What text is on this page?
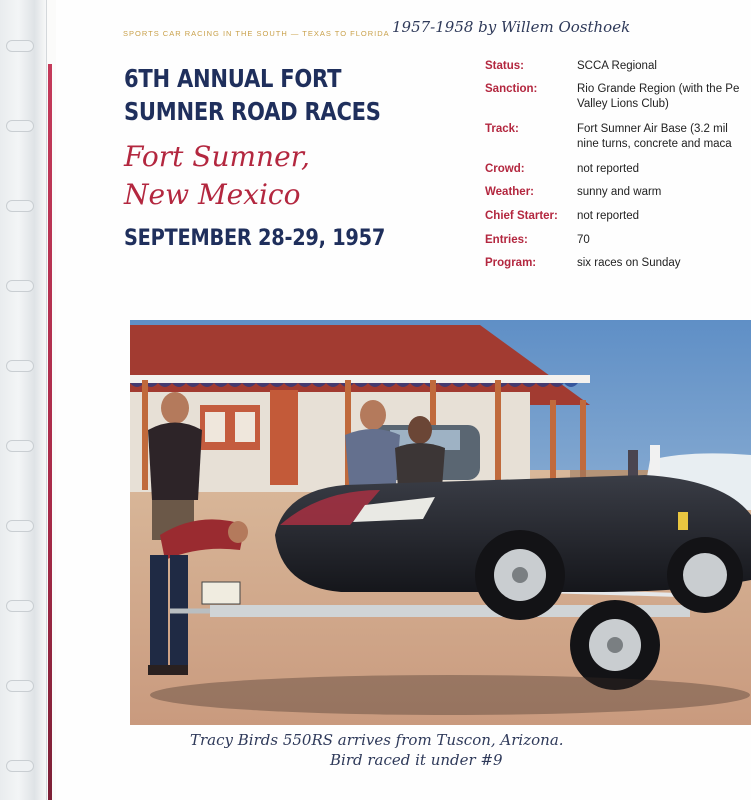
SPORTS CAR RACING IN THE SOUTH — TEXAS TO FLORIDA 1957-1958 by Willem Oosthoek
6TH ANNUAL FORT
SUMNER ROAD RACES
Fort Sumner,
New Mexico
SEPTEMBER 28-29, 1957
Status:	SCCA Regional
Sanction:	Rio Grande Region (with the Pe
Valley Lions Club)
Track:	Fort Sumner Air Base (3.2 mil
nine turns, concrete and maca
Crowd:	not reported
Weather:	sunny and warm
Chief Starter: not reported
Entries:	70
Program:	six races on Sunday
Tracy Birds 550RS arrives from Tuscon, Arizona.
Bird raced it under #9
